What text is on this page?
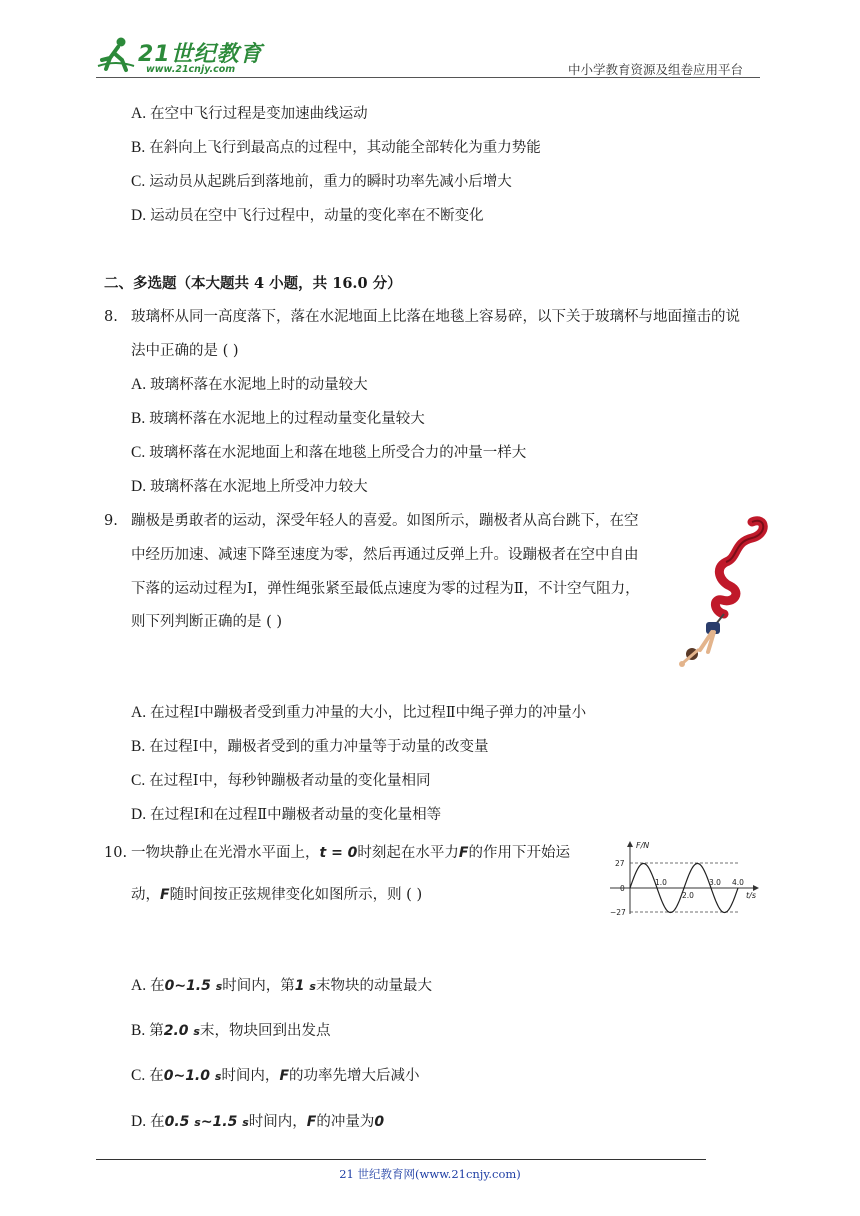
21世纪教育
www.21cnjy.com	中小学教育资源及组卷应用平台
A. 在空中飞行过程是变加速曲线运动
B. 在斜向上飞行到最高点的过程中，其动能全部转化为重力势能
C. 运动员从起跳后到落地前，重力的瞬时功率先减小后增大
D. 运动员在空中飞行过程中，动量的变化率在不断变化
二、多选题（本大题共 4 小题，共 16.0 分）
8. 玻璃杯从同一高度落下，落在水泥地面上比落在地毯上容易碎，以下关于玻璃杯与地面撞击的说
法中正确的是 ( )
A. 玻璃杯落在水泥地上时的动量较大
B. 玻璃杯落在水泥地上的过程动量变化量较大
C. 玻璃杯落在水泥地面上和落在地毯上所受合力的冲量一样大
D. 玻璃杯落在水泥地上所受冲力较大
9. 蹦极是勇敢者的运动，深受年轻人的喜爱。如图所示，蹦极者从高台跳下，在空
中经历加速、减速下降至速度为零，然后再通过反弹上升。设蹦极者在空中自由
下落的运动过程为Ⅰ，弹性绳张紧至最低点速度为零的过程为Ⅱ，不计空气阻力，
则下列判断正确的是 ( )
A. 在过程Ⅰ中蹦极者受到重力冲量的大小，比过程Ⅱ中绳子弹力的冲量小
B. 在过程Ⅰ中，蹦极者受到的重力冲量等于动量的改变量
C. 在过程Ⅰ中，每秒钟蹦极者动量的变化量相同
D. 在过程Ⅰ和在过程Ⅱ中蹦极者动量的变化量相等
10. 一物块静止在光滑水平面上，t = 0时刻起在水平力F的作用下开始运
动，F随时间按正弦规律变化如图所示，则 ( )
F/N
t/s
27
−27
0
1.0
2.0
3.0 4.0
A. 在0∼1.5 s时间内，第1 s末物块的动量最大
B. 第2.0 s末，物块回到出发点
C. 在0∼1.0 s时间内，F的功率先增大后减小
D. 在0.5 s∼1.5 s时间内，F的冲量为0
21 世纪教育网(www.21cnjy.com)
